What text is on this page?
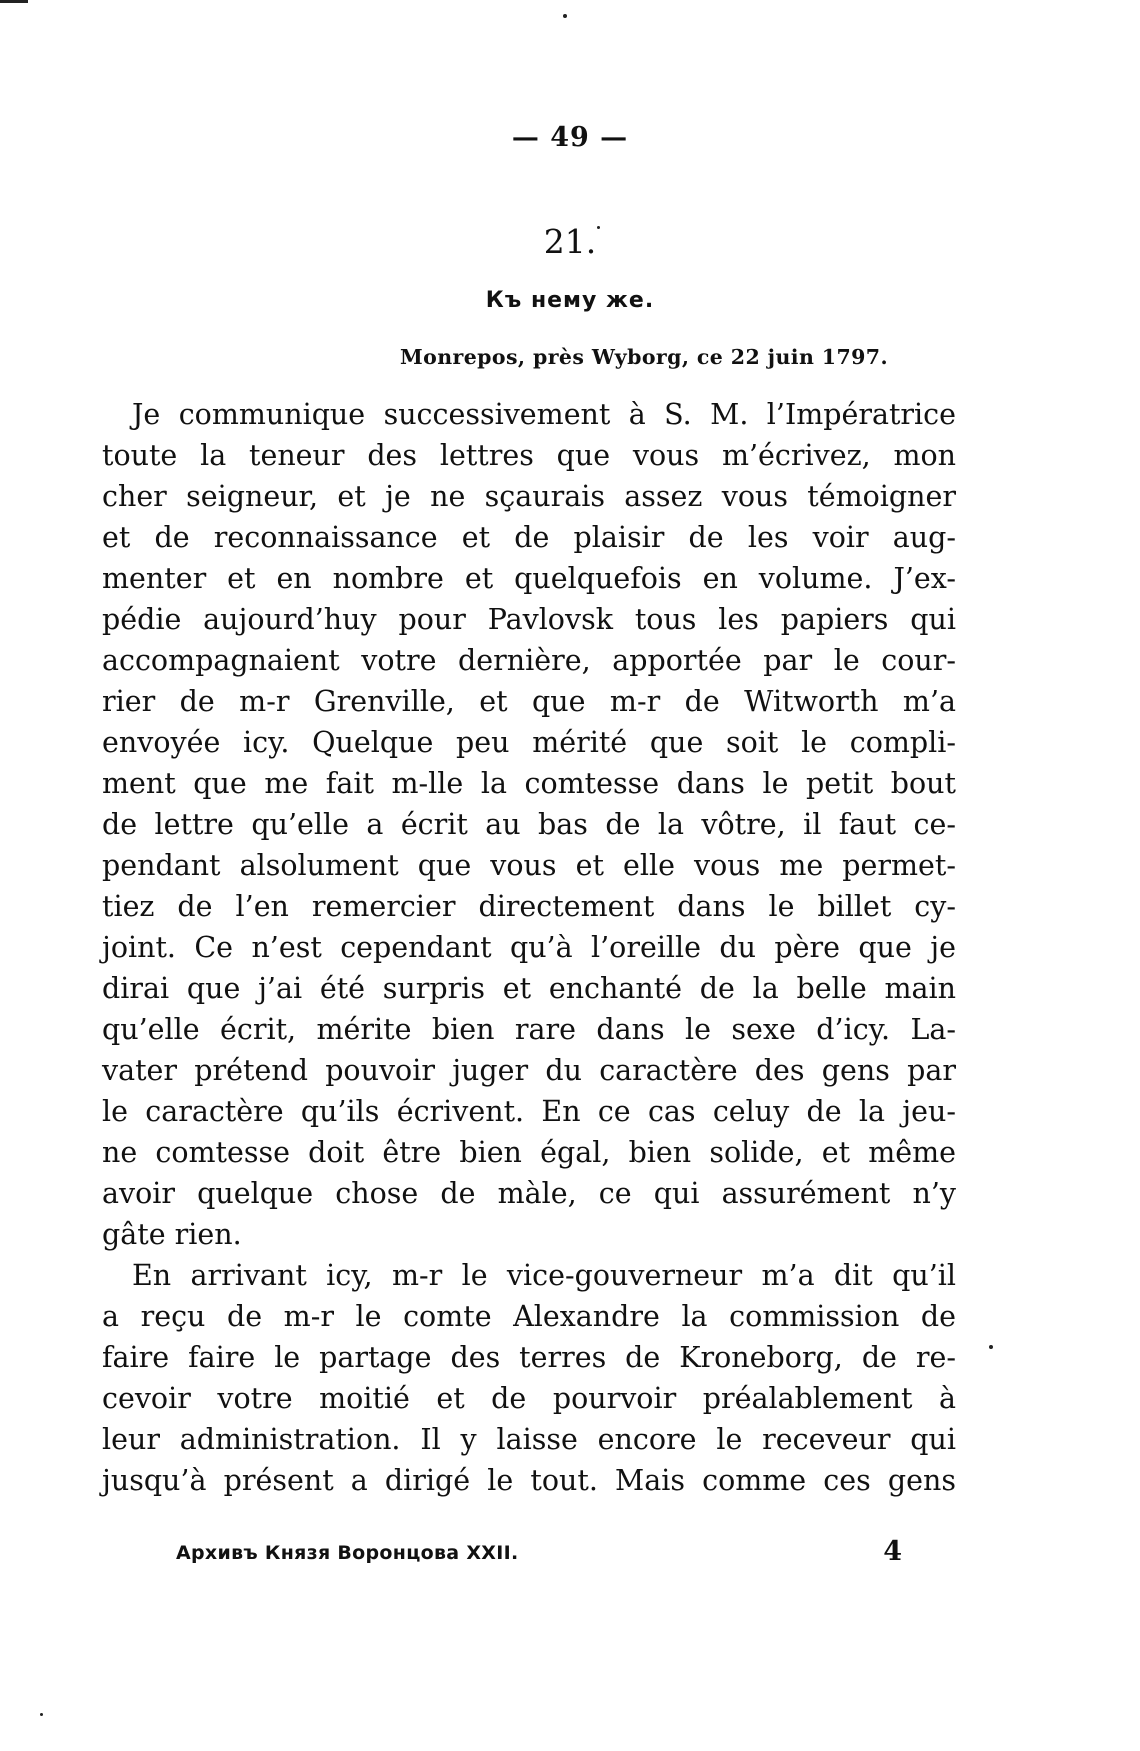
— 49 —
21.
Къ нему же.
Monrepos, près Wyborg, ce 22 juin 1797.
Je communique successivement à S. M. l’Impératrice
toute la teneur des lettres que vous m’écrivez, mon
cher seigneur, et je ne sçaurais assez vous témoigner
et de reconnaissance et de plaisir de les voir aug-
menter et en nombre et quelquefois en volume. J’ex-
pédie aujourd’huy pour Pavlovsk tous les papiers qui
accompagnaient votre dernière, apportée par le cour-
rier de m-r Grenville, et que m-r de Witworth m’a
envoyée icy. Quelque peu mérité que soit le compli-
ment que me fait m-lle la comtesse dans le petit bout
de lettre qu’elle a écrit au bas de la vôtre, il faut ce-
pendant alsolument que vous et elle vous me permet-
tiez de l’en remercier directement dans le billet cy-
joint. Ce n’est cependant qu’à l’oreille du père que je
dirai que j’ai été surpris et enchanté de la belle main
qu’elle écrit, mérite bien rare dans le sexe d’icy. La-
vater prétend pouvoir juger du caractère des gens par
le caractère qu’ils écrivent. En ce cas celuy de la jeu-
ne comtesse doit être bien égal, bien solide, et même
avoir quelque chose de màle, ce qui assurément n’y
gâte rien.
En arrivant icy, m-r le vice-gouverneur m’a dit qu’il
a reçu de m-r le comte Alexandre la commission de
faire faire le partage des terres de Kroneborg, de re-
cevoir votre moitié et de pourvoir préalablement à
leur administration. Il y laisse encore le receveur qui
jusqu’à présent a dirigé le tout. Mais comme ces gens
Архивъ Князя Воронцова XXII.	4
